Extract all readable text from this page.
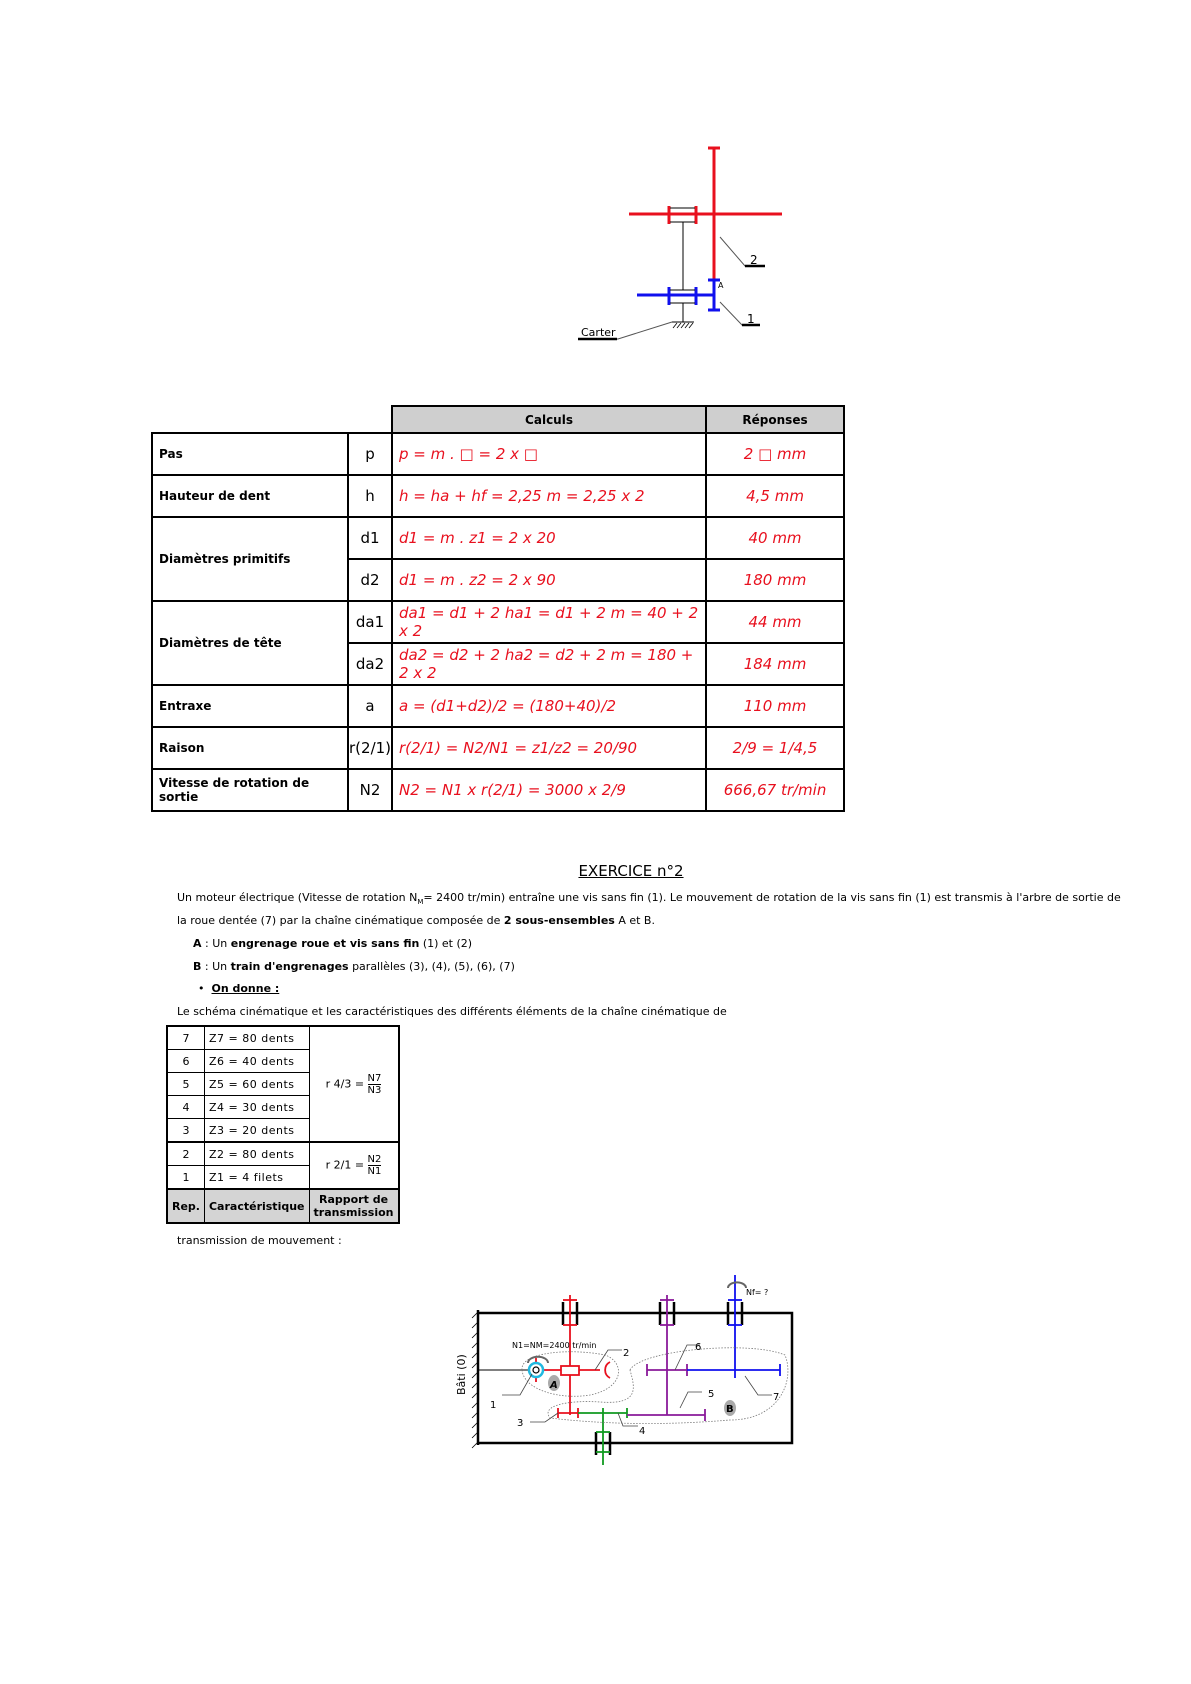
2
1
A
Carter
		Calculs	Réponses
Pas	p	p = m . □ = 2 x □	2 □ mm
Hauteur de dent	h	h = ha + hf = 2,25 m = 2,25 x 2	4,5 mm
Diamètres primitifs	d1	d1 = m . z1 = 2 x 20	40 mm
	d2	d1 = m . z2 = 2 x 90	180 mm
Diamètres de tête	da1	da1 = d1 + 2 ha1 = d1 + 2 m = 40 + 2 x 2	44 mm
	da2	da2 = d2 + 2 ha2 = d2 + 2 m = 180 + 2 x 2	184 mm
Entraxe	a	a = (d1+d2)/2 = (180+40)/2	110 mm
Raison	r(2/1)	r(2/1) = N2/N1 = z1/z2 = 20/90	2/9 = 1/4,5
Vitesse de rotation de sortie	N2	N2 = N1 x r(2/1) = 3000 x 2/9	666,67 tr/min
EXERCICE n°2
Un moteur électrique (Vitesse de rotation $N_M= 2400$ tr/min) entraîne une vis sans fin (1). Le mouvement de rotation de la vis sans fin (1) est transmis à l'arbre de sortie de
la roue dentée (7) par la chaîne cinématique composée de 2 sous-ensembles A et B.
A : Un engrenage roue et vis sans fin (1) et (2)
B : Un train d'engrenages parallèles (3), (4), (5), (6), (7)
•  On donne :
Le schéma cinématique et les caractéristiques des différents éléments de la chaîne cinématique de
7	Z7 = 80 dents	r $4/3 = \frac{N7}{N3}$

6	Z6 = 40 dents	
5	Z5 = 60 dents	
4	Z4 = 30 dents	
3	Z3 = 20 dents	
2	Z2 = 80 dents	r $2/1 = \frac{N2}{N1}$

1	Z1 = 4 filets	
Rep.	Caractéristique	Rapport de transmission
transmission de mouvement :
A
B
N1=NM=2400 tr/min
Nf= ?
Bâti (0)
1
2
3
4
5
6
7
